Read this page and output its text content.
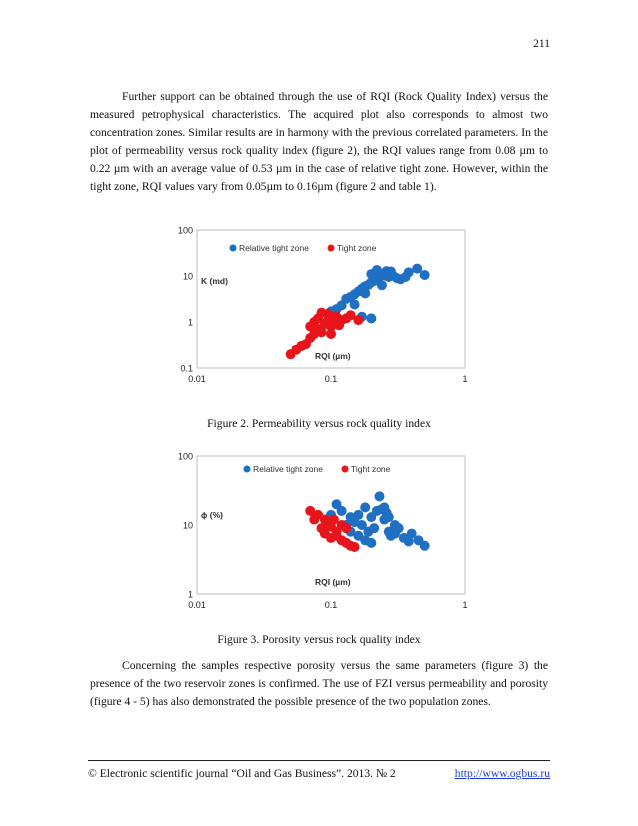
211

Further support can be obtained through the use of RQI (Rock Quality Index) versus the measured petrophysical characteristics. The acquired plot also corresponds to almost two concentration zones. Similar results are in harmony with the previous correlated parameters. In the plot of permeability versus rock quality index (figure 2), the RQI values range from 0.08 µm to 0.22 µm with an average value of 0.53 µm in the case of relative tight zone. However, within the tight zone, RQI values vary from 0.05µm to 0.16µm (figure 2 and table 1).

0.1
1
10
100
0.01	0.1	1
K (md)
RQI (µm)
Relative tight zone	Tight zone
Figure 2. Permeability versus rock quality index
1
10
100
0.01	0.1	1
ϕ (%)
RQI (µm)
Relative tight zone	Tight zone
Figure 3. Porosity versus rock quality index

Concerning the samples respective porosity versus the same parameters (figure 3) the presence of the two reservoir zones is confirmed. The use of FZI versus permeability and porosity (figure 4 - 5) has also demonstrated the possible presence of the two population zones.

© Electronic scientific journal “Oil and Gas Business”. 2013. № 2	http://www.ogbus.ru
